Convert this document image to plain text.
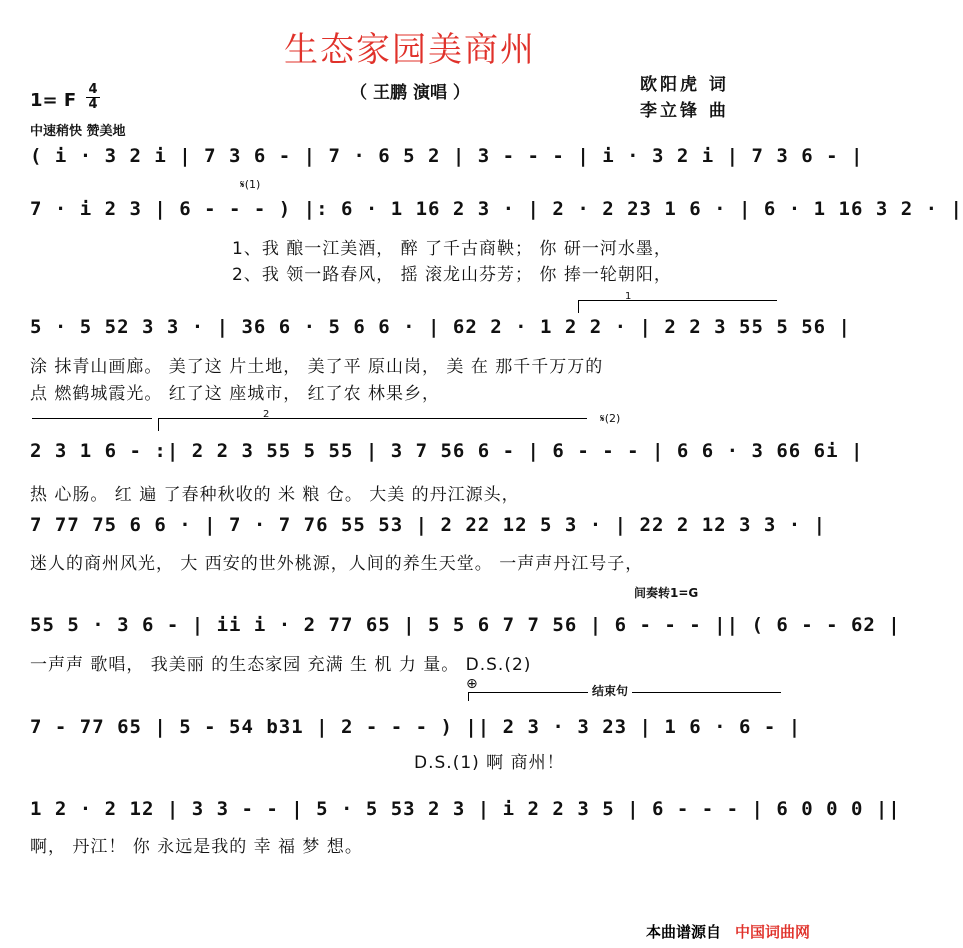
生态家园美商州
（ 王鹏 演唱 ）	欧阳虎 词
李立锋 曲
1= F
4
4
中速稍快 赞美地
( i · 3 2 i | 7 3 6 - | 7 · 6 5 2 | 3 - - - | i · 3 2 i | 7 3 6 - |
𝄋(1)
7 · i 2 3 | 6 - - - ) |: 6 · 1 16 2 3 · | 2 · 2 23 1 6 · | 6 · 1 16 3 2 · |
1、我 酿一江美酒， 醉 了千古商鞅； 你 研一河水墨，
2、我 领一路春风， 摇 滚龙山芬芳； 你 捧一轮朝阳，
1
5 · 5 52 3 3 · | 36 6 · 5 6 6 · | 62 2 · 1 2 2 · | 2 2 3 55 5 56 |
涂 抹青山画廊。 美了这 片土地， 美了平 原山岗， 美 在 那千千万万的
点 燃鹤城霞光。 红了这 座城市， 红了农 林果乡，
2	𝄋(2)
2 3 1 6 - :| 2 2 3 55 5 55 | 3 7 56 6 - | 6 - - - | 6 6 · 3 66 6i |
热 心肠。 红 遍 了春种秋收的 米 粮 仓。 大美 的丹江源头，
7 77 75 6 6 · | 7 · 7 76 55 53 | 2 22 12 5 3 · | 22 2 12 3 3 · |
迷人的商州风光， 大 西安的世外桃源，人间的养生天堂。 一声声丹江号子，
间奏转1=G
55 5 · 3 6 - | ii i · 2 77 65 | 5 5 6 7 7 56 | 6 - - - || ( 6 - - 62 |
一声声 歌唱， 我美丽 的生态家园 充满 生 机 力 量。 D.S.(2)
⊕	结束句
7 - 77 65 | 5 - 54 b31 | 2 - - - ) || 2 3 · 3 23 | 1 6 · 6 - |
D.S.(1) 啊 商州！
1 2 · 2 12 | 3 3 - - | 5 · 5 53 2 3 | i 2 2 3 5 | 6 - - - | 6 0 0 0 ||
啊， 丹江！ 你 永远是我的 幸 福 梦 想。
本曲谱源自 中国词曲网
